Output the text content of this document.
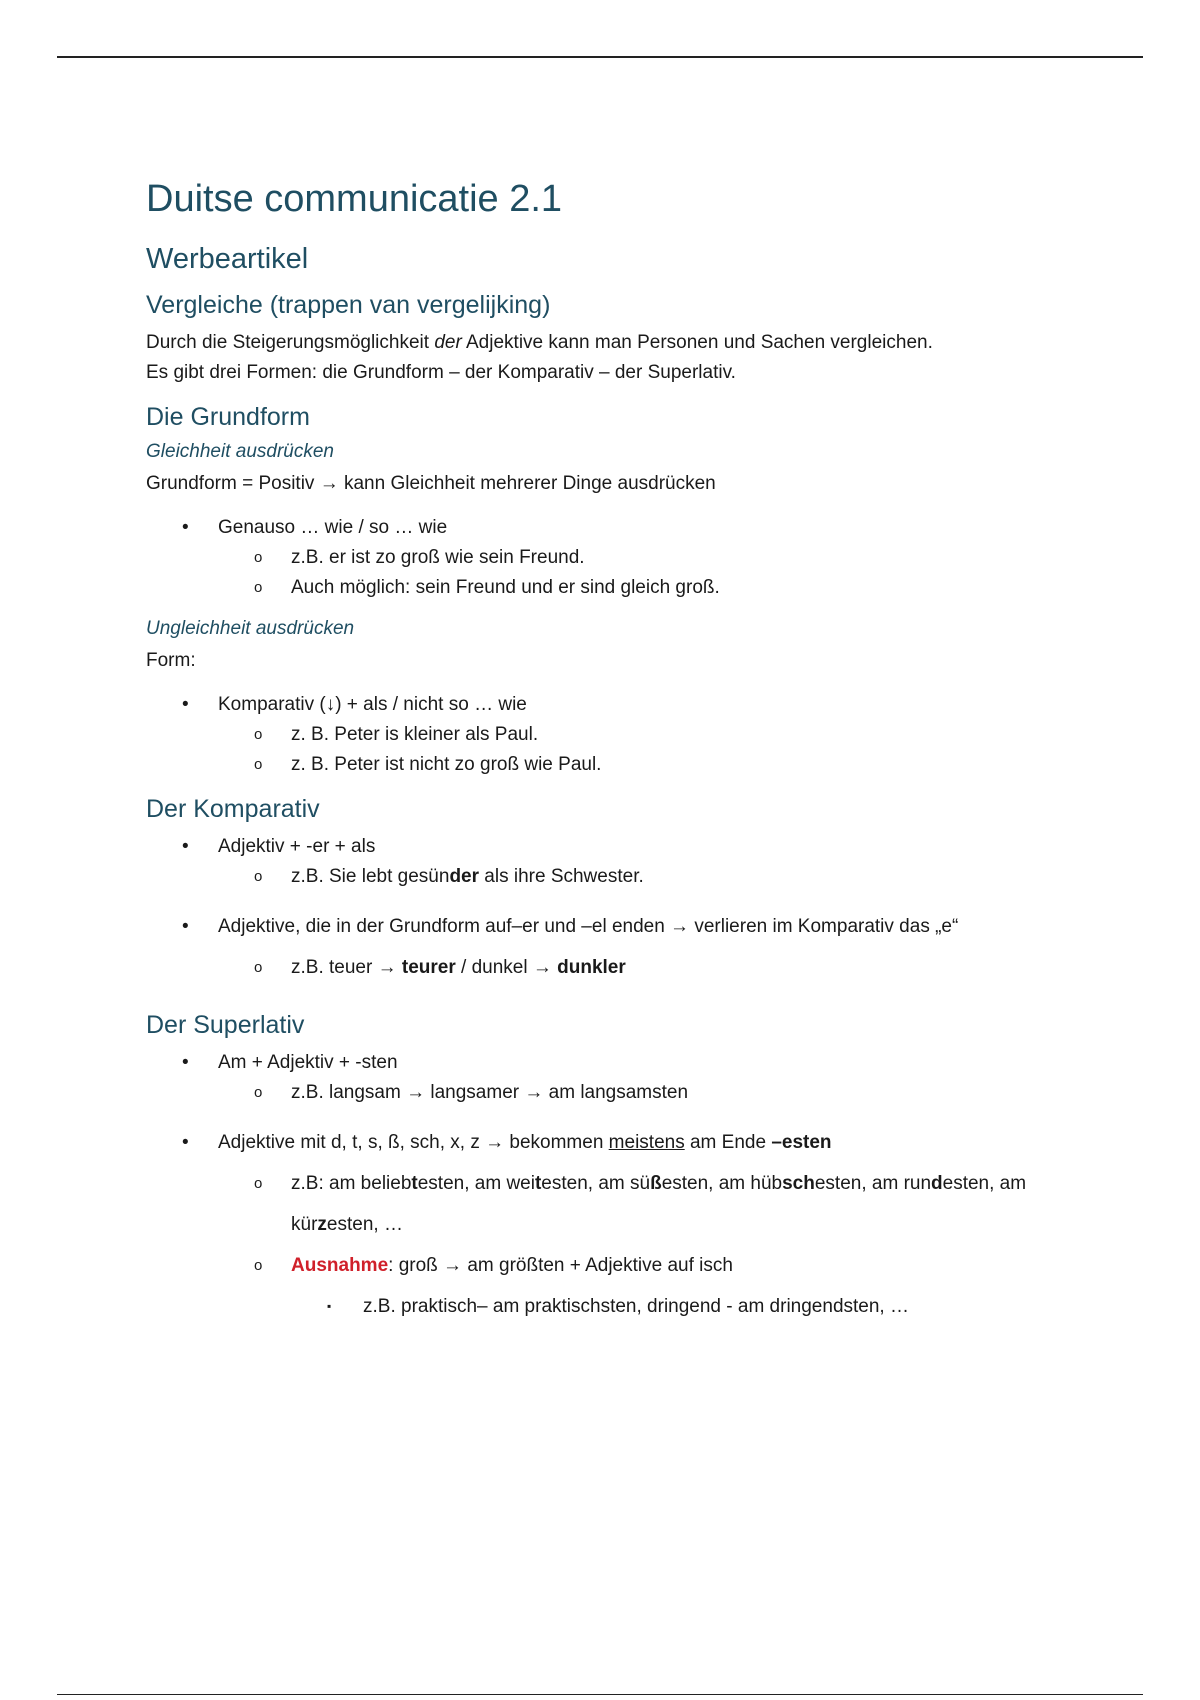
Duitse communicatie 2.1
Werbeartikel
Vergleiche (trappen van vergelijking)

Durch die Steigerungsmöglichkeit der Adjektive kann man Personen und Sachen vergleichen.

Es gibt drei Formen: die Grundform – der Komparativ – der Superlativ.

Die Grundform
Gleichheit ausdrücken

Grundform = Positiv → kann Gleichheit mehrerer Dinge ausdrücken

• Genauso … wie / so … wie
o z.B. er ist zo groß wie sein Freund.
o Auch möglich: sein Freund und er sind gleich groß.
Ungleichheit ausdrücken

Form:

• Komparativ (↓) + als / nicht so … wie
o z. B. Peter is kleiner als Paul.
o z. B. Peter ist nicht zo groß wie Paul.
Der Komparativ
• Adjektiv + -er + als
o z.B. Sie lebt gesünder als ihre Schwester.
• Adjektive, die in der Grundform auf–er und –el enden → verlieren im Komparativ das „e“
o z.B. teuer → teurer / dunkel → dunkler
Der Superlativ
• Am + Adjektiv + -sten
o z.B. langsam → langsamer → am langsamsten
• Adjektive mit d, t, s, ß, sch, x, z → bekommen meistens am Ende –esten
o z.B: am beliebtesten, am weitesten, am süßesten, am hübschesten, am rundesten, am kürzesten, …
o Ausnahme: groß → am größten + Adjektive auf isch
▪ z.B. praktisch– am praktischsten, dringend - am dringendsten, …
